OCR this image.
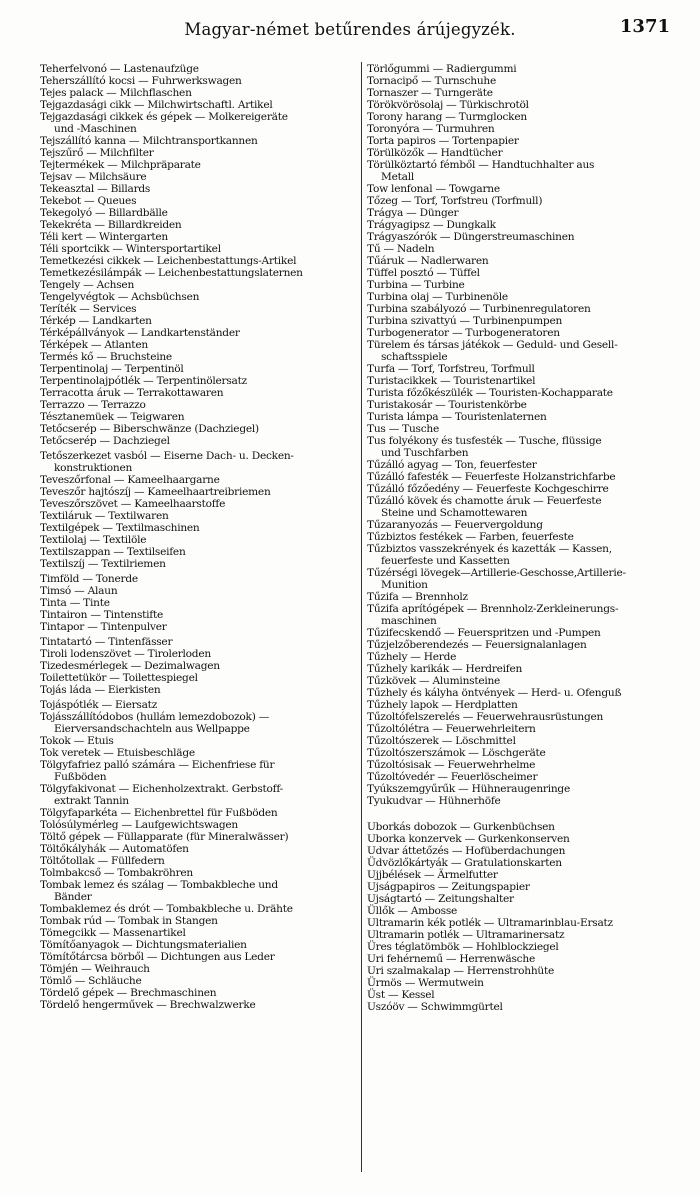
Magyar-német betűrendes árújegyzék.	1371
Teherfelvonó — Lastenaufzüge
Teherszállító kocsi — Fuhrwerkswagen
Tejes palack — Milchflaschen
Tejgazdasági cikk — Milchwirtschaftl. Artikel
Tejgazdasági cikkek és gépek — Molkereigeräte
und -Maschinen
Tejszállító kanna — Milchtransportkannen
Tejszűrő — Milchfilter
Tejtermékek — Milchpräparate
Tejsav — Milchsäure
Tekeasztal — Billards
Tekebot — Queues
Tekegolyó — Billardbälle
Tekekréta — Billardkreiden
Téli kert — Wintergarten
Téli sportcikk — Wintersportartikel
Temetkezési cikkek — Leichenbestattungs-Artikel
Temetkezésilámpák — Leichenbestattungslaternen
Tengely — Achsen
Tengelyvégtok — Achsbüchsen
Teríték — Services
Térkép — Landkarten
Térképállványok — Landkartenständer
Térképek — Atlanten
Termés kő — Bruchsteine
Terpentinolaj — Terpentinöl
Terpentinolajpótlék — Terpentinölersatz
Terracotta áruk — Terrakottawaren
Terrazzo — Terrazzo
Tésztanemüek — Teigwaren
Tetőcserép — Biberschwänze (Dachziegel)
Tetőcserép — Dachziegel
Tetőszerkezet vasból — Eiserne Dach- u. Decken-
konstruktionen
Teveszőrfonal — Kameelhaargarne
Teveszőr hajtószíj — Kameelhaartreibriemen
Teveszőrszövet — Kameelhaarstoffe
Textiláruk — Textilwaren
Textilgépek — Textilmaschinen
Textilolaj — Textilöle
Textilszappan — Textilseifen
Textilszíj — Textilriemen
Timföld — Tonerde
Timsó — Alaun
Tinta — Tinte
Tintairon — Tintenstifte
Tintapor — Tintenpulver
Tintatartó — Tintenfässer
Tiroli lodenszövet — Tirolerloden
Tizedesmérlegek — Dezimalwagen
Toilettetükör — Toilettespiegel
Tojás láda — Eierkisten
Tojáspótlék — Eiersatz
Tojásszállítódobos (hullám lemezdobozok) —
Eierversandschachteln aus Wellpappe
Tokok — Etuis
Tok veretek — Etuisbeschläge
Tölgyfafriez palló számára — Eichenfriese für
Fußböden
Tölgyfakivonat — Eichenholzextrakt. Gerbstoff-
extrakt Tannin
Tölgyfaparkéta — Eichenbrettel für Fußböden
Tolósúlymérleg — Laufgewichtswagen
Töltő gépek — Füllapparate (für Mineralwässer)
Töltőkályhák — Automatöfen
Töltőtollak — Füllfedern
Tolmbakcső — Tombakröhren
Tombak lemez és szálag — Tombakbleche und
Bänder
Tombaklemez és drót — Tombakbleche u. Drähte
Tombak rúd — Tombak in Stangen
Tömegcikk — Massenartikel
Tömítőanyagok — Dichtungsmaterialien
Tömítőtárcsa börből — Dichtungen aus Leder
Tömjén — Weihrauch
Tömlő — Schläuche
Tördelő gépek — Brechmaschinen
Tördelő hengerművek — Brechwalzwerke
Törlőgummi — Radiergummi
Tornacipő — Turnschuhe
Tornaszer — Turngeräte
Törökvörösolaj — Türkischrotöl
Torony harang — Turmglocken
Toronyóra — Turmuhren
Torta papiros — Tortenpapier
Törülközők — Handtücher
Törülköztartó fémből — Handtuchhalter aus
Metall
Tow lenfonal — Towgarne
Tőzeg — Torf, Torfstreu (Torfmull)
Trágya — Dünger
Trágyagipsz — Dungkalk
Trágyaszórók — Düngerstreumaschinen
Tű — Nadeln
Tűáruk — Nadlerwaren
Tüffel posztó — Tüffel
Turbina — Turbine
Turbina olaj — Turbinenöle
Turbina szabályozó — Turbinenregulatoren
Turbina szivattyú — Turbinenpumpen
Turbogenerator — Turbogeneratoren
Türelem és társas játékok — Geduld- und Gesell-
schaftsspiele
Turfa — Torf, Torfstreu, Torfmull
Turistacikkek — Touristenartikel
Turista főzőkészülék — Touristen-Kochapparate
Turistakosár — Touristenkörbe
Turista lámpa — Touristenlaternen
Tus — Tusche
Tus folyékony és tusfesték — Tusche, flüssige
und Tuschfarben
Tűzálló agyag — Ton, feuerfester
Tűzálló fafesték — Feuerfeste Holzanstrichfarbe
Tűzálló főzőedény — Feuerfeste Kochgeschirre
Tűzálló kövek és chamotte áruk — Feuerfeste
Steine und Schamottewaren
Tűzaranyozás — Feuervergoldung
Tűzbiztos festékek — Farben, feuerfeste
Tűzbiztos vasszekrények és kazetták — Kassen,
feuerfeste und Kassetten
Tűzérségi lövegek—Artillerie-Geschosse,Artillerie-
Munition
Tűzifa — Brennholz
Tűzifa aprítógépek — Brennholz-Zerkleinerungs-
maschinen
Tűzifecskendő — Feuerspritzen und -Pumpen
Tűzjelzőberendezés — Feuersignalanlagen
Tűzhely — Herde
Tűzhely karikák — Herdreifen
Tűzkövek — Aluminsteine
Tűzhely és kályha öntvények — Herd- u. Ofenguß
Tűzhely lapok — Herdplatten
Tűzoltófelszerelés — Feuerwehrausrüstungen
Tűzoltólétra — Feuerwehrleitern
Tűzoltószerek — Löschmittel
Tűzoltószerszámok — Löschgeräte
Tűzoltósisak — Feuerwehrhelme
Tűzoltóvedér — Feuerlöscheimer
Tyúkszemgyűrűk — Hühneraugenringe
Tyukudvar — Hühnerhöfe
Uborkás dobozok — Gurkenbüchsen
Uborka konzervek — Gurkenkonserven
Udvar áttetőzés — Hofüberdachungen
Üdvözlőkártyák — Gratulationskarten
Ujjbélések — Ärmelfutter
Ujságpapiros — Zeitungspapier
Ujságtartó — Zeitungshalter
Üllők — Ambosse
Ultramarin kék potlék — Ultramarinblau-Ersatz
Ultramarin potlék — Ultramarinersatz
Üres téglatömbök — Hohlblockziegel
Uri fehérnemű — Herrenwäsche
Uri szalmakalap — Herrenstrohhüte
Ürmös — Wermutwein
Üst — Kessel
Uszóöv — Schwimmgürtel
